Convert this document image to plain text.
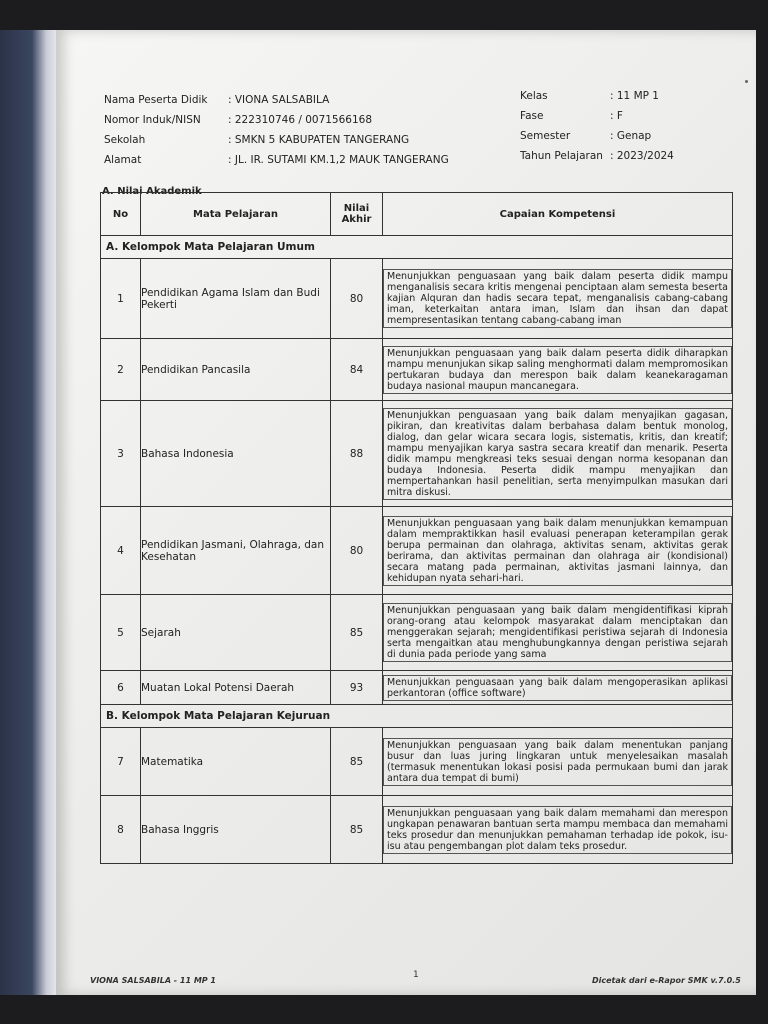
Nama Peserta Didik : VIONA SALSABILA
Nomor Induk/NISN	: 222310746 / 0071566168
Sekolah	: SMKN 5 KABUPATEN TANGERANG
Alamat	: JL. IR. SUTAMI KM.1,2 MAUK TANGERANG
Kelas	: 11 MP 1
Fase	: F
Semester	: Genap
Tahun Pelajaran : 2023/2024
A. Nilai Akademik
No	Mata Pelajaran	Nilai Akhir	Capaian Kompetensi
A. Kelompok Mata Pelajaran Umum			
1	Pendidikan Agama Islam dan Budi Pekerti	80	Menunjukkan penguasaan yang baik dalam peserta didik mampu menganalisis secara kritis mengenai penciptaan alam semesta beserta kajian Alquran dan hadis secara tepat, menganalisis cabang-cabang iman, keterkaitan antara iman, Islam dan ihsan dan dapat mempresentasikan tentang cabang-cabang iman

2	Pendidikan Pancasila	84	Menunjukkan penguasaan yang baik dalam peserta didik diharapkan mampu menunjukan sikap saling menghormati dalam mempromosikan pertukaran budaya dan merespon baik dalam keanekaragaman budaya nasional maupun mancanegara.

3	Bahasa Indonesia	88	Menunjukkan penguasaan yang baik dalam menyajikan gagasan, pikiran, dan kreativitas dalam berbahasa dalam bentuk monolog, dialog, dan gelar wicara secara logis, sistematis, kritis, dan kreatif; mampu menyajikan karya sastra secara kreatif dan menarik. Peserta didik mampu mengkreasi teks sesuai dengan norma kesopanan dan budaya Indonesia. Peserta didik mampu menyajikan dan mempertahankan hasil penelitian, serta menyimpulkan masukan dari mitra diskusi.

4	Pendidikan Jasmani, Olahraga, dan Kesehatan	80	Menunjukkan penguasaan yang baik dalam menunjukkan kemampuan dalam mempraktikkan hasil evaluasi penerapan keterampilan gerak berupa permainan dan olahraga, aktivitas senam, aktivitas gerak berirama, dan aktivitas permainan dan olahraga air (kondisional) secara matang pada permainan, aktivitas jasmani lainnya, dan kehidupan nyata sehari-hari.

5	Sejarah	85	Menunjukkan penguasaan yang baik dalam mengidentifikasi kiprah orang-orang atau kelompok masyarakat dalam menciptakan dan menggerakan sejarah; mengidentifikasi peristiwa sejarah di Indonesia serta mengaitkan atau menghubungkannya dengan peristiwa sejarah di dunia pada periode yang sama

6	Muatan Lokal Potensi Daerah	93	Menunjukkan penguasaan yang baik dalam mengoperasikan aplikasi perkantoran (office software)

B. Kelompok Mata Pelajaran Kejuruan			
7	Matematika	85	Menunjukkan penguasaan yang baik dalam menentukan panjang busur dan luas juring lingkaran untuk menyelesaikan masalah (termasuk menentukan lokasi posisi pada permukaan bumi dan jarak antara dua tempat di bumi)

8	Bahasa Inggris	85	Menunjukkan penguasaan yang baik dalam memahami dan merespon ungkapan penawaran bantuan serta mampu membaca dan memahami teks prosedur dan menunjukkan pemahaman terhadap ide pokok, isu-isu atau pengembangan plot dalam teks prosedur.
VIONA SALSABILA - 11 MP 1
1
Dicetak dari e-Rapor SMK v.7.0.5
